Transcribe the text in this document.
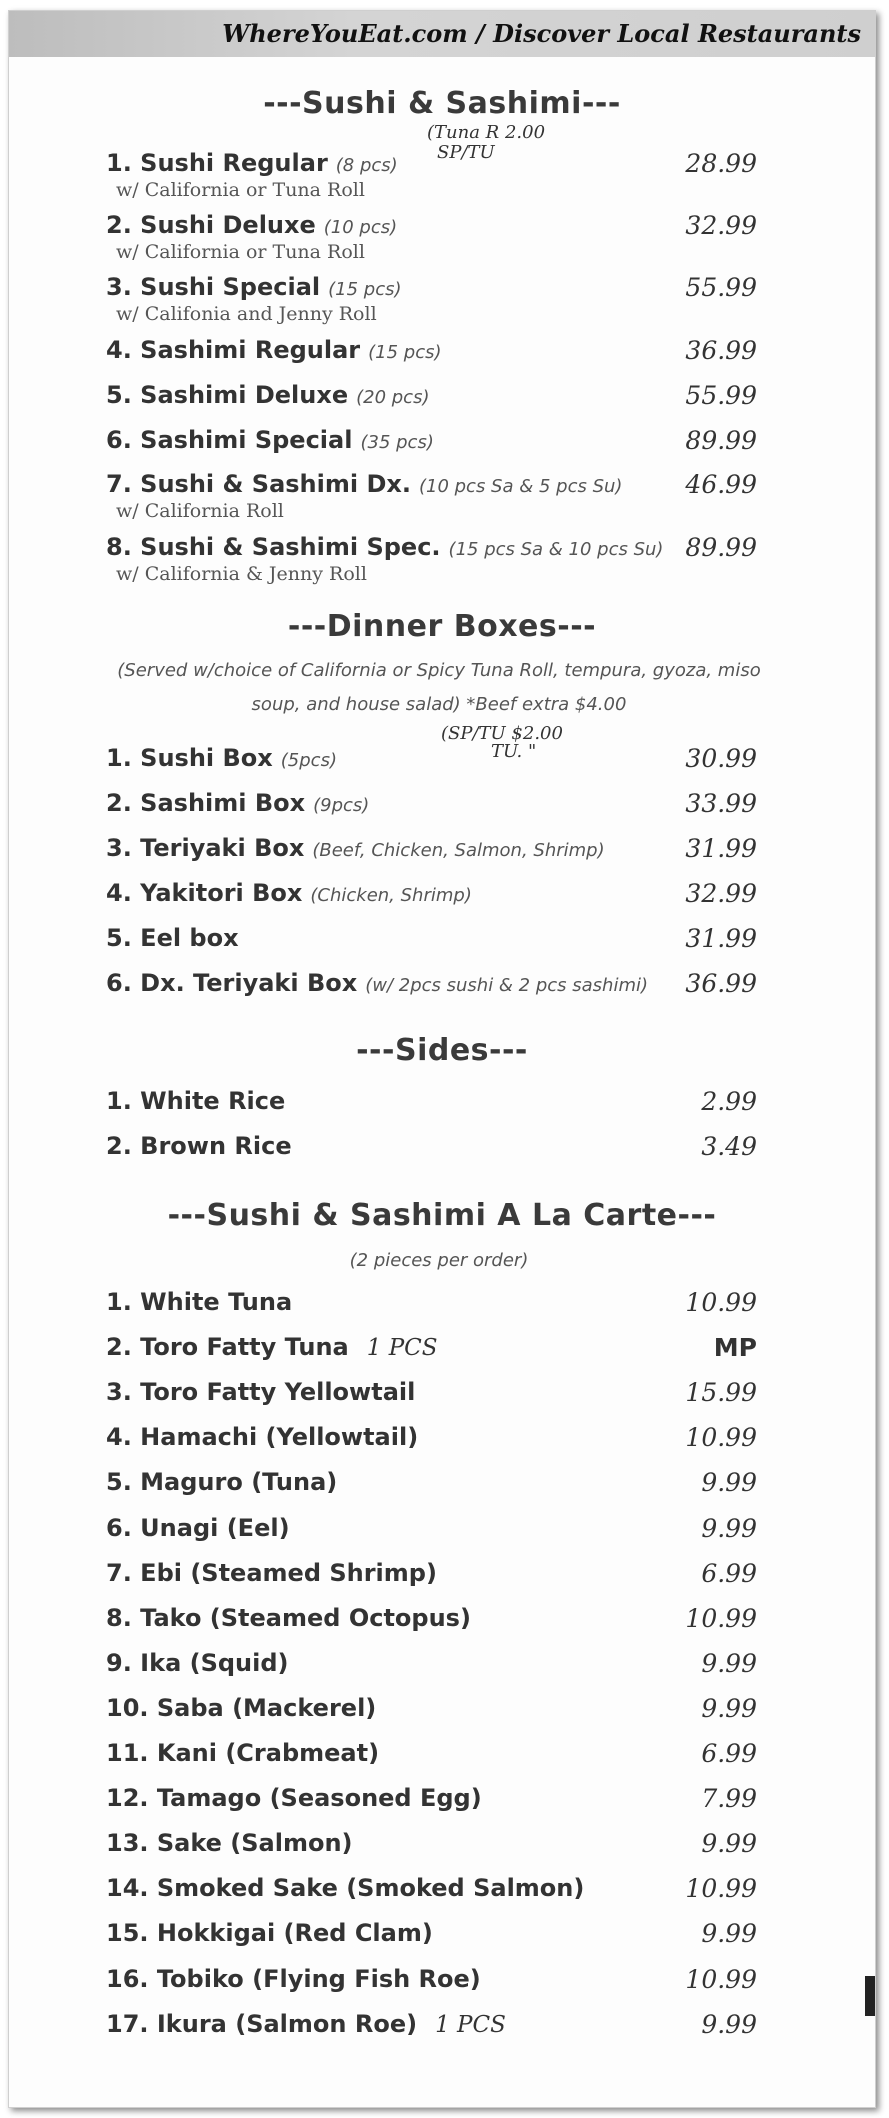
WhereYouEat.com / Discover Local Restaurants
---Sushi & Sashimi---
(Tuna R 2.00
SP/TU
---Dinner Boxes---
(Served w/choice of California or Spicy Tuna Roll, tempura, gyoza, miso
soup, and house salad) *Beef extra $4.00
(SP/TU $2.00
TU. "
---Sides---
---Sushi & Sashimi A La Carte---
(2 pieces per order)
1. Sushi Regular (8 pcs)	28.99
w/ California or Tuna Roll
2. Sushi Deluxe (10 pcs)	32.99
w/ California or Tuna Roll
3. Sushi Special (15 pcs)	55.99
w/ Califonia and Jenny Roll
4. Sashimi Regular (15 pcs)	36.99
5. Sashimi Deluxe (20 pcs)	55.99
6. Sashimi Special (35 pcs)	89.99
7. Sushi & Sashimi Dx. (10 pcs Sa & 5 pcs Su)	46.99
w/ California Roll
8. Sushi & Sashimi Spec. (15 pcs Sa & 10 pcs Su) 89.99
w/ California & Jenny Roll
1. Sushi Box (5pcs)	30.99
2. Sashimi Box (9pcs)	33.99
3. Teriyaki Box (Beef, Chicken, Salmon, Shrimp)	31.99
4. Yakitori Box (Chicken, Shrimp)	32.99
5. Eel box	31.99
6. Dx. Teriyaki Box (w/ 2pcs sushi & 2 pcs sashimi) 36.99
1. White Rice	2.99
2. Brown Rice	3.49
1. White Tuna	10.99
2. Toro Fatty Tuna 1 PCS	MP
3. Toro Fatty Yellowtail	15.99
4. Hamachi (Yellowtail)	10.99
5. Maguro (Tuna)	9.99
6. Unagi (Eel)	9.99
7. Ebi (Steamed Shrimp)	6.99
8. Tako (Steamed Octopus)	10.99
9. Ika (Squid)	9.99
10. Saba (Mackerel)	9.99
11. Kani (Crabmeat)	6.99
12. Tamago (Seasoned Egg)	7.99
13. Sake (Salmon)	9.99
14. Smoked Sake (Smoked Salmon)	10.99
15. Hokkigai (Red Clam)	9.99
16. Tobiko (Flying Fish Roe)	10.99
17. Ikura (Salmon Roe) 1 PCS	9.99
